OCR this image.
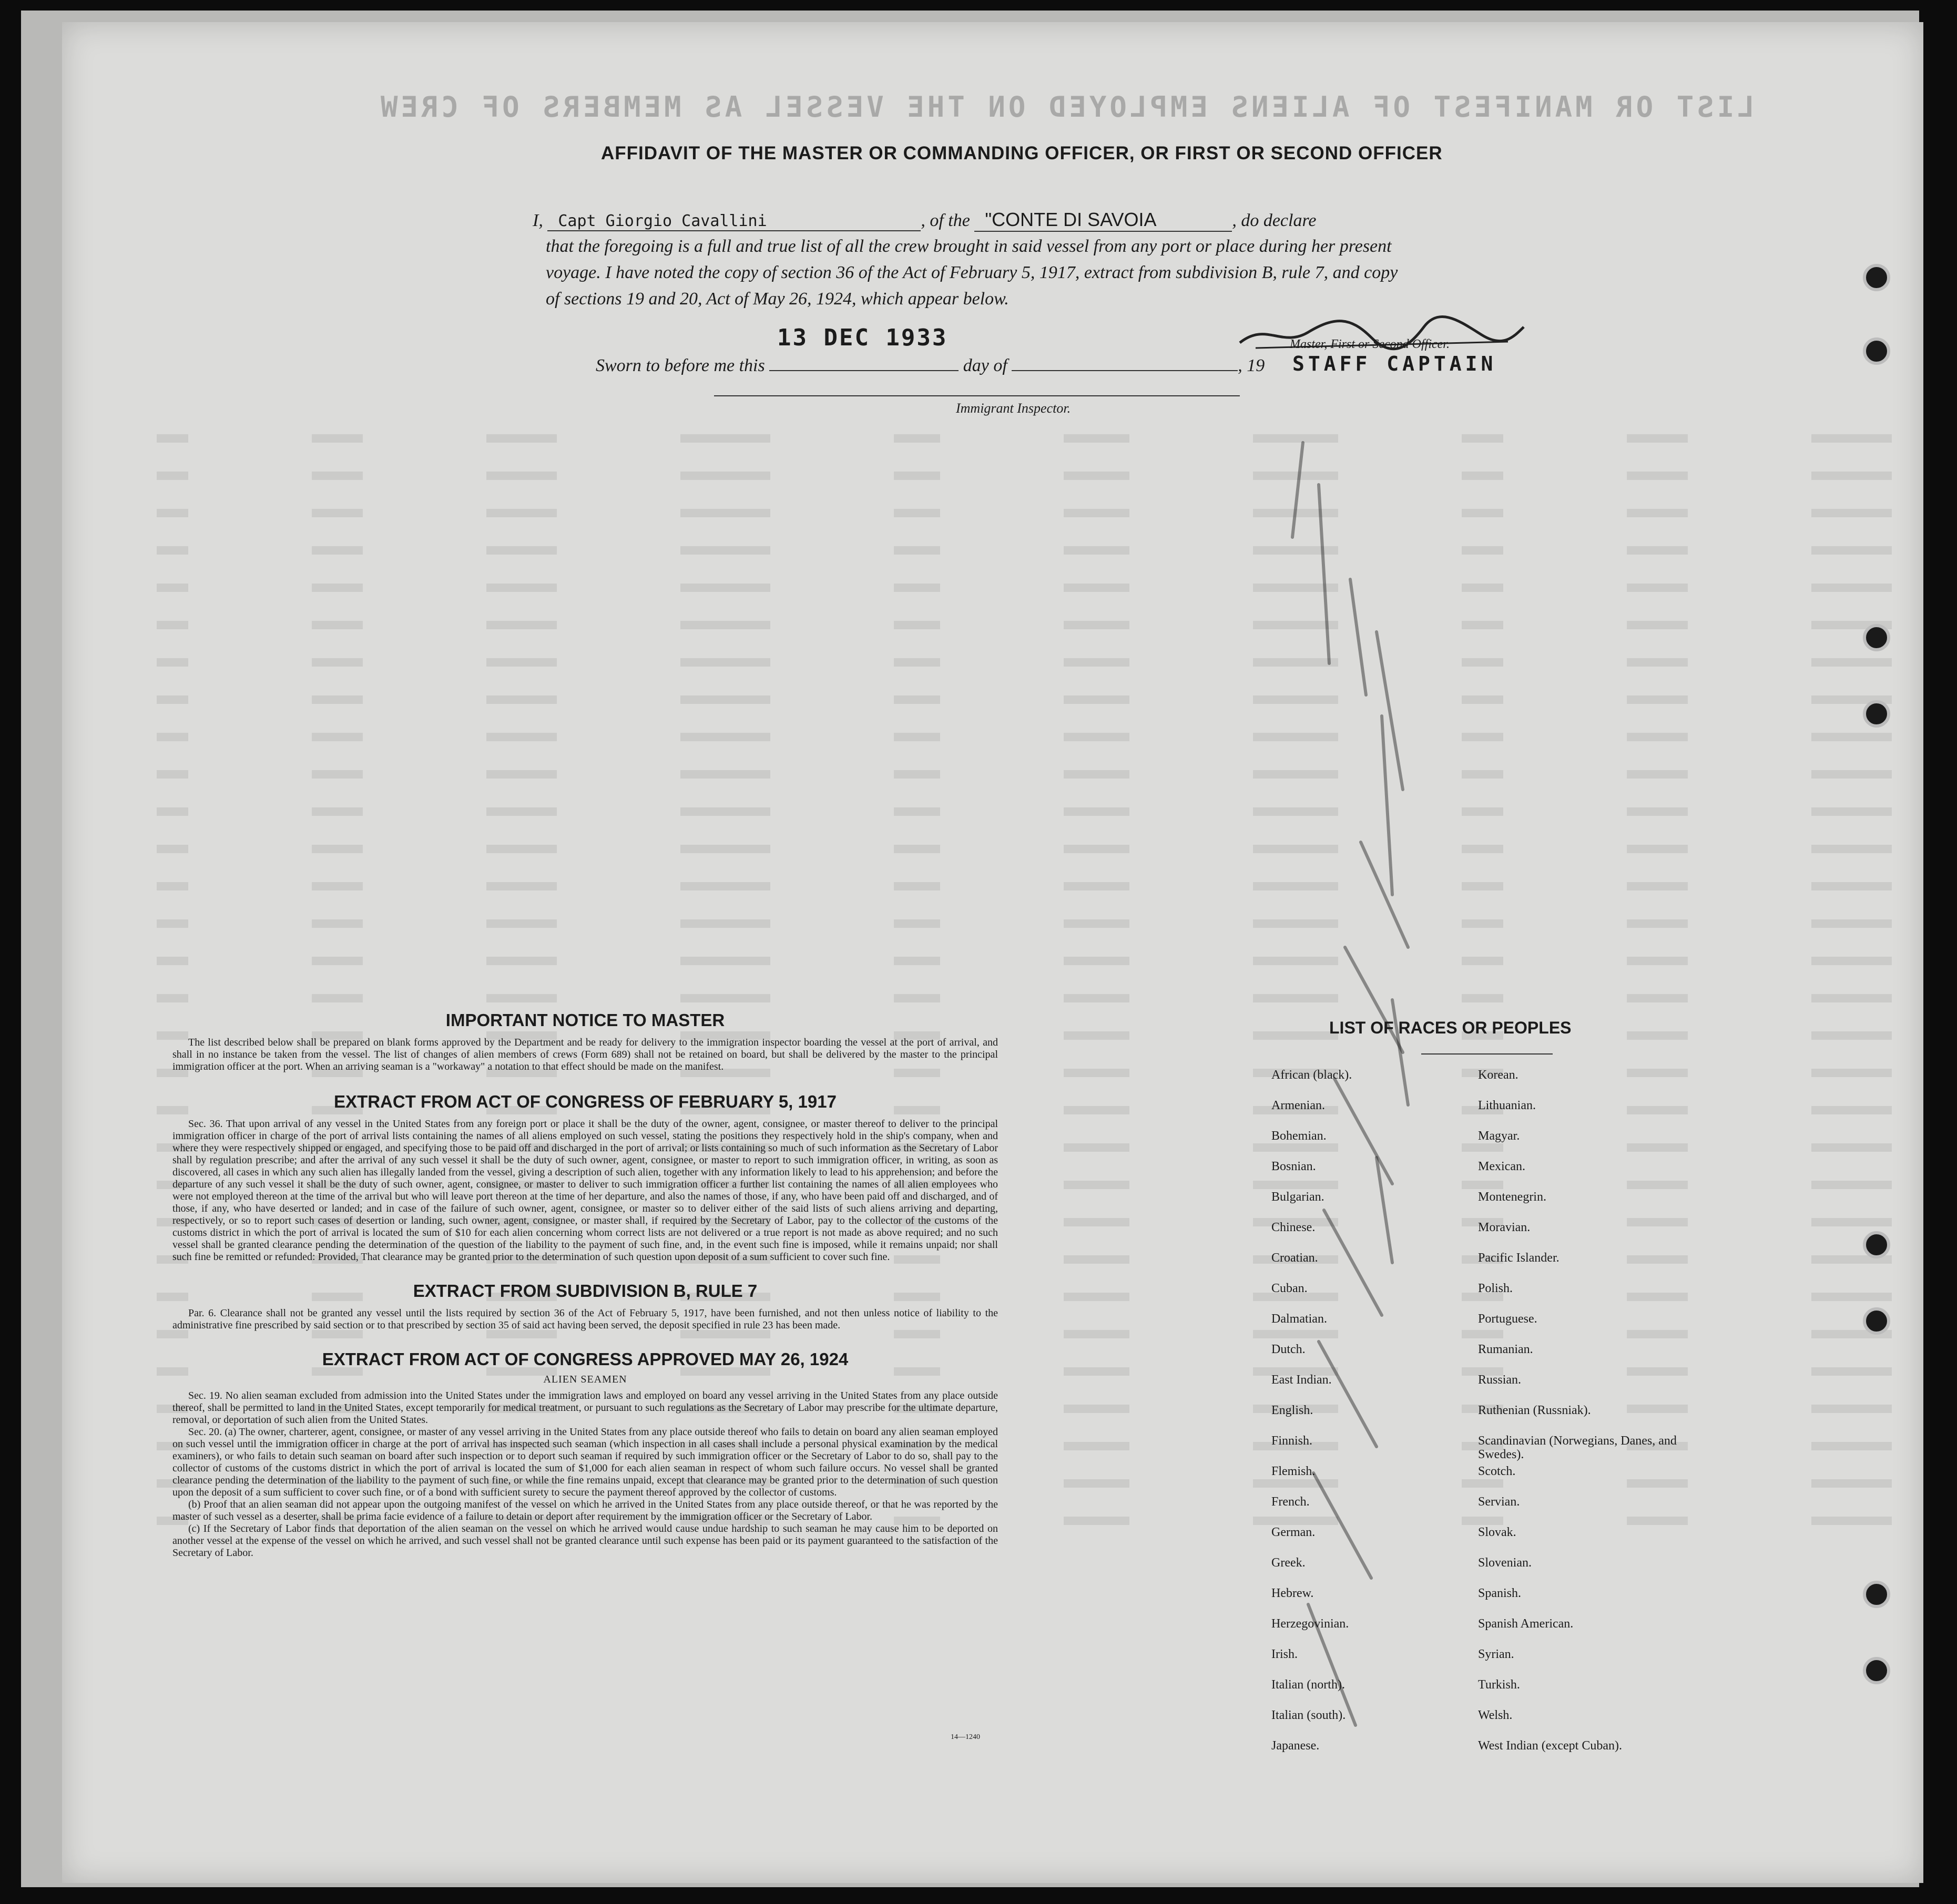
LIST OR MANIFEST OF ALIENS EMPLOYED ON THE VESSEL AS MEMBERS OF CREW
AFFIDAVIT OF THE MASTER OR COMMANDING OFFICER, OR FIRST OR SECOND OFFICER
I, Capt Giorgio Cavallini	, of the "CONTE DI SAVOIA	, do declare
that the foregoing is a full and true list of all the crew brought in said vessel from any port or place during her present
voyage. I have noted the copy of section 36 of the Act of February 5, 1917, extract from subdivision B, rule 7, and copy
of sections 19 and 20, Act of May 26, 1924, which appear below.
13 DEC 1933
Sworn to before me this	day of	, 19
Master, First or Second Officer.
STAFF CAPTAIN
Immigrant Inspector.
IMPORTANT NOTICE TO MASTER

The list described below shall be prepared on blank forms approved by the Department and be ready for delivery to the immigration inspector boarding the vessel at the port of arrival, and shall in no instance be taken from the vessel. The list of changes of alien members of crews (Form 689) shall not be retained on board, but shall be delivered by the master to the principal immigration officer at the port. When an arriving seaman is a "workaway" a notation to that effect should be made on the manifest.

EXTRACT FROM ACT OF CONGRESS OF FEBRUARY 5, 1917

Sec. 36. That upon arrival of any vessel in the United States from any foreign port or place it shall be the duty of the owner, agent, consignee, or master thereof to deliver to the principal immigration officer in charge of the port of arrival lists containing the names of all aliens employed on such vessel, stating the positions they respectively hold in the ship's company, when and where they were respectively shipped or engaged, and specifying those to be paid off and discharged in the port of arrival; or lists containing so much of such information as the Secretary of Labor shall by regulation prescribe; and after the arrival of any such vessel it shall be the duty of such owner, agent, consignee, or master to report to such immigration officer, in writing, as soon as discovered, all cases in which any such alien has illegally landed from the vessel, giving a description of such alien, together with any information likely to lead to his apprehension; and before the departure of any such vessel it shall be the duty of such owner, agent, consignee, or master to deliver to such immigration officer a further list containing the names of all alien employees who were not employed thereon at the time of the arrival but who will leave port thereon at the time of her departure, and also the names of those, if any, who have been paid off and discharged, and of those, if any, who have deserted or landed; and in case of the failure of such owner, agent, consignee, or master so to deliver either of the said lists of such aliens arriving and departing, respectively, or so to report such cases of desertion or landing, such owner, agent, consignee, or master shall, if required by the Secretary of Labor, pay to the collector of the customs of the customs district in which the port of arrival is located the sum of $10 for each alien concerning whom correct lists are not delivered or a true report is not made as above required; and no such vessel shall be granted clearance pending the determination of the question of the liability to the payment of such fine, and, in the event such fine is imposed, while it remains unpaid; nor shall such fine be remitted or refunded: Provided, That clearance may be granted prior to the determination of such question upon deposit of a sum sufficient to cover such fine.

EXTRACT FROM SUBDIVISION B, RULE 7

Par. 6. Clearance shall not be granted any vessel until the lists required by section 36 of the Act of February 5, 1917, have been furnished, and not then unless notice of liability to the administrative fine prescribed by said section or to that prescribed by section 35 of said act having been served, the deposit specified in rule 23 has been made.

EXTRACT FROM ACT OF CONGRESS APPROVED MAY 26, 1924
ALIEN SEAMEN

Sec. 19. No alien seaman excluded from admission into the United States under the immigration laws and employed on board any vessel arriving in the United States from any place outside thereof, shall be permitted to land in the United States, except temporarily for medical treatment, or pursuant to such regulations as the Secretary of Labor may prescribe for the ultimate departure, removal, or deportation of such alien from the United States.

Sec. 20. (a) The owner, charterer, agent, consignee, or master of any vessel arriving in the United States from any place outside thereof who fails to detain on board any alien seaman employed on such vessel until the immigration officer in charge at the port of arrival has inspected such seaman (which inspection in all cases shall include a personal physical examination by the medical examiners), or who fails to detain such seaman on board after such inspection or to deport such seaman if required by such immigration officer or the Secretary of Labor to do so, shall pay to the collector of customs of the customs district in which the port of arrival is located the sum of $1,000 for each alien seaman in respect of whom such failure occurs. No vessel shall be granted clearance pending the determination of the liability to the payment of such fine, or while the fine remains unpaid, except that clearance may be granted prior to the determination of such question upon the deposit of a sum sufficient to cover such fine, or of a bond with sufficient surety to secure the payment thereof approved by the collector of customs.

(b) Proof that an alien seaman did not appear upon the outgoing manifest of the vessel on which he arrived in the United States from any place outside thereof, or that he was reported by the master of such vessel as a deserter, shall be prima facie evidence of a failure to detain or deport after requirement by the immigration officer or the Secretary of Labor.

(c) If the Secretary of Labor finds that deportation of the alien seaman on the vessel on which he arrived would cause undue hardship to such seaman he may cause him to be deported on another vessel at the expense of the vessel on which he arrived, and such vessel shall not be granted clearance until such expense has been paid or its payment guaranteed to the satisfaction of the Secretary of Labor.

14—1240
LIST OF RACES OR PEOPLES
African (black).
Armenian.
Bohemian.
Bosnian.
Bulgarian.
Chinese.
Croatian.
Cuban.
Dalmatian.
Dutch.
East Indian.
English.
Finnish.
Flemish.
French.
German.
Greek.
Hebrew.
Herzegovinian.
Irish.
Italian (north).
Italian (south).
Japanese.
Korean.
Lithuanian.
Magyar.
Mexican.
Montenegrin.
Moravian.
Pacific Islander.
Polish.
Portuguese.
Rumanian.
Russian.
Ruthenian (Russniak).
Scandinavian (Norwegians, Danes, and Swedes).
Scotch.
Servian.
Slovak.
Slovenian.
Spanish.
Spanish American.
Syrian.
Turkish.
Welsh.
West Indian (except Cuban).
